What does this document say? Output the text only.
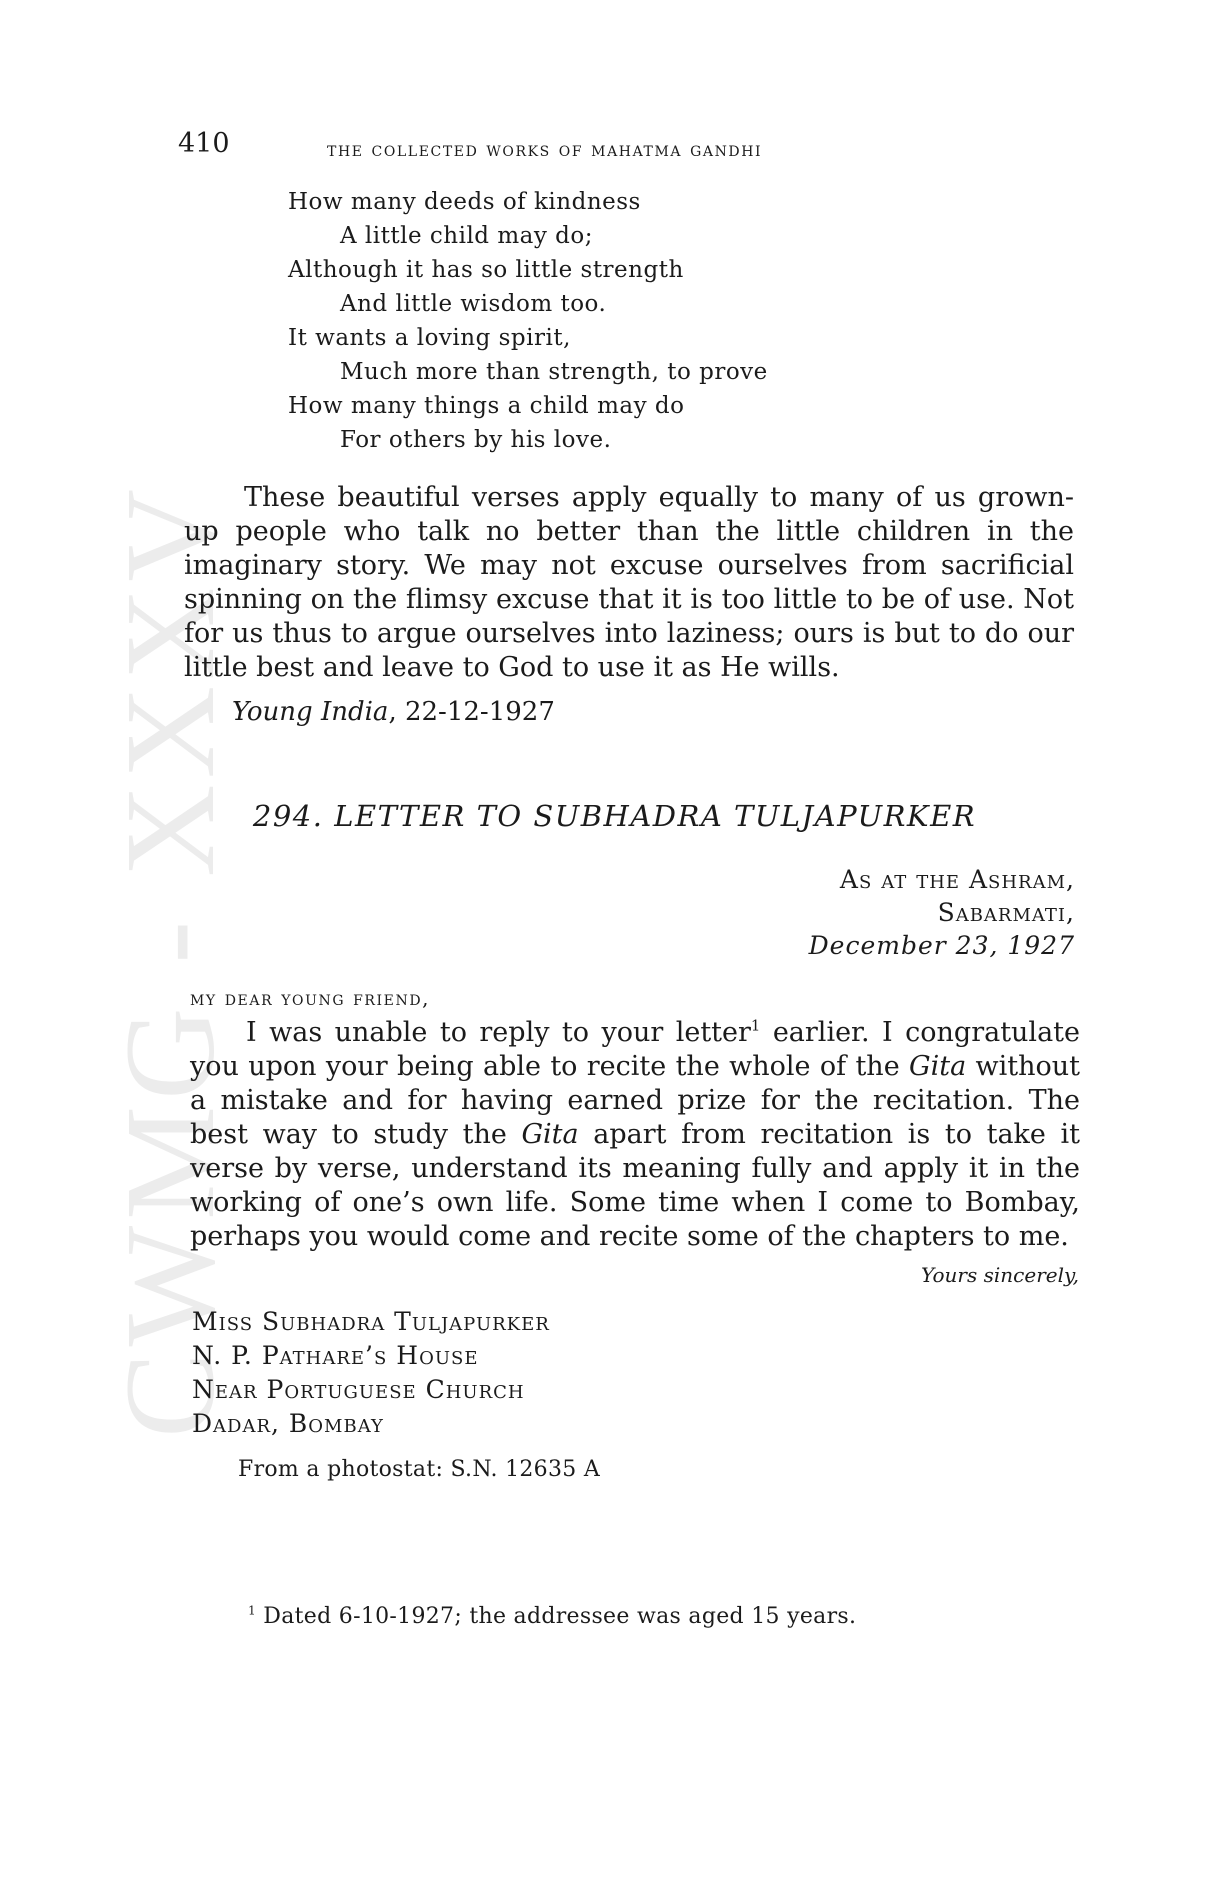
CWMG - XXXV
410	the collected works of mahatma gandhi
How many deeds of kindness
A little child may do;
Although it has so little strength
And little wisdom too.
It wants a loving spirit,
Much more than strength, to prove
How many things a child may do
For others by his love.
These beautiful verses apply equally to many of us grown-up people who talk no better than the little children in the imaginary story. We may not excuse ourselves from sacrificial spinning on the flimsy excuse that it is too little to be of use. Not for us thus to argue ourselves into laziness; ours is but to do our little best and leave to God to use it as He wills.
Young India, 22-12-1927
294. LETTER TO SUBHADRA TULJAPURKER
As at the Ashram,
Sabarmati,
December 23, 1927
my dear young friend,
I was unable to reply to your letter$^1$ earlier. I congratulate you upon your being able to recite the whole of the Gita without a mistake and for having earned prize for the recitation. The best way to study the Gita apart from recitation is to take it verse by verse, understand its meaning fully and apply it in the working of one’s own life. Some time when I come to Bombay, perhaps you would come and recite some of the chapters to me.
Yours sincerely,
Miss Subhadra Tuljapurker
N. P. Pathare’s House
Near Portuguese Church
Dadar, Bombay
From a photostat: S.N. 12635 A
$^1$ Dated 6-10-1927; the addressee was aged 15 years.
